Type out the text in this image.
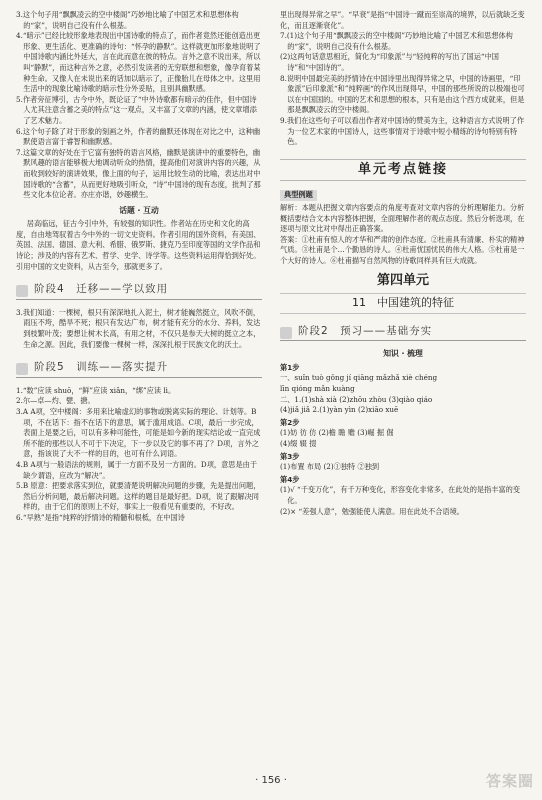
3.这个句子用“飘飘凌云的空中楼阁”巧妙地比喻了中国艺术和思想体构的“家”，说明自己没有什么根基。

4.“暗示”已经比较形象地表现出中国诗歌的特点了，而作者竟然还能创造出更形象、更生活化、更准确的诗句：“怀孕的静默”。这样就更加形象地说明了中国诗歌内涵比外延大，言在此而意在彼的特点。言外之意不说出来，所以叫“静默”，而这种言外之意，必然引发读者的无穷联想和想象，像孕育着某种生命。又像人在未说出来的话加以暗示了，正像胎儿在母体之中。这里用生活中的现象比喻诗歌的暗示性分外妥贴，且别具幽默感。

5.作者旁征博引，古今中外，既论证了“中外诗歌都有暗示的佳作，但中国诗人尤其注意含蓄之美的特点”这一观点，又丰富了文章的内涵，使文章增添了艺术魅力。

6.这个句子除了对于形象的刻画之外，作者的幽默还体现在对比之中，这种幽默使语言富于睿智和幽默感。

7.这篇文章的好处在于它富有独特的语言风格，幽默是演讲中的重要特色，幽默风趣的语言能够极大地调动听众的热情，提高他们对演讲内容的兴趣，从而收到较好的演讲效果，像上面的句子，运用比较生动的比喻，表达出对中国诗歌的“含蓄”，从而更好地吸引听众，“诗”中国诗的现有态度，批判了那些文化本位论者。亦庄亦谐，妙趣横生。

话题 · 互动

居高临远，征古今引中外，有较强的知识性。作者站在历史和文化的高度，自由地驾驭着古今中外的一切文史资料。作者引用的国外资料，有美国、英国、法国、德国、意大利、希腊、俄罗斯、捷克乃至印度等国的文学作品和诗论；涉及的内容有艺术、哲学、史学、诗学等。这些资料运用得恰到好处。引用中国的文史资料，从古至今，那就更多了。

阶段4　迁移——学以致用

3.我们知道：一棵树，根只有深深地扎入泥土，树才能巍然挺立，风吹不倒，雨压不垮，酷旱不死；根只有发达广布，树才能有充分的水分、养料，发达到枝繁叶茂；要想让树木长高，有用之材，不仅只是参天大树的挺立之本，生命之源。因此，我们要像一棵树一样，深深扎根于民族文化的沃土。

阶段5　训练——落实提升

1.“数”应读 shuō，“鲜”应读 xiǎn，“绑”应读 lì。

2.尔—卓—灼、甓、搪。

3.A A项，空中楼阁：多用来比喻虚幻的事物或脱离实际的理论、计划等。B项，不在话下：指不在话下的意思，属于滥用成语。C项，最后一步完成，表面上是要之后，可以有多种可能性，可能是如今新的现实结论或一直完成所不能的那些以人不可于下决定，下一步以及它的事不再了？D项，言外之意，指该说了大不一样的目的，也可有什么词语。

4.B A项与一般语法的规则，属于一方面不及另一方面的。D项，意思是由于缺少谓语，应改为“解决”。

5.B 原意：把要求落实到位，就要清楚说明解决问题的步骤，先是提出问题，然后分析问题，最后解决问题。这样的题目是最好把。D项，说了跟解决同样的，由于它们的原则上不好，事实上一般看见有重要的，不好改。

6.“早熟”是指“纯粹的抒情诗的精髓和根柢，在中国诗

里出现得异常之早”。“早衰”是指“中国诗一蹴而至崇高的境界，以后就缺乏变化，而且逐渐衰化”。

7.(1)这个句子用“飘飘凌云的空中楼阁”巧妙地比喻了中国艺术和思想体构的“家”，说明自己没有什么根基。

(2)这两句话意思相近，简化为“印象派”与“轻纯粹的写出了国运“中国诗”和“中国诗的”。

8.说明中国最完美的抒情诗在中国诗里出现得异常之早，中国的诗画里，“印象派”后印象派“和”纯粹画“的作风出现得早，中国的那些所说的以极端也可以在中国国的。中国的艺术和思想的根本，只有是由这个西方成就来，但是那是飘飘凌云的空中楼阁。

9.我们在这些句子可以看出作者对中国诗的赞美为主，这种语言方式说明了作为一位艺术家的中国诗人，这些事情对于诗歌中短小精练的诗句特别有特色。

单元考点链接
典型例题

解析：本题从把握文章内容要点的角度考查对文章内容的分析理解能力。分析概括要结合文本内容整体把握，全面理解作者的观点态度。然后分析选项，在逐项与原文比对中得出正确答案。

答案：①杜甫有惊人的才华和严肃的创作态度。②杜甫具有清廉、朴实的精神气质。③杜甫是个…个勤恳的诗人。④杜甫忧国忧民的伟大人格。⑤杜甫是一个大好的诗人。⑥杜甫描写自然风物的诗歌同样具有巨大成就。

第四单元
11　中国建筑的特征
阶段2　预习——基础夯实
知识 · 梳理
第1步

一、suǐn tuò gǒng jí qiāng mǎzhǎ xiè chéng

līn qióng mǎn kuàng

二、1.(1)shà xià (2)zhōu zhòu (3)qiào qiáo

(4)jiǎ jiǎ 2.(1)yàn yìn (2)xiāo xuē

第2步

(1)妨 彷 仿 (2)檐 瞻 赡 (3)崛 掘 倔

(4)缀 辍 掇

第3步

(1)布置 布局 (2)①独特 ②独到

第4步

(1)√ “千变万化”，有千万种变化，形容变化非常多，在此处的是指丰富的变化。

(2)× “差强人意”，勉强能使人满意。用在此处不合语境。

· 156 ·	答案圈
